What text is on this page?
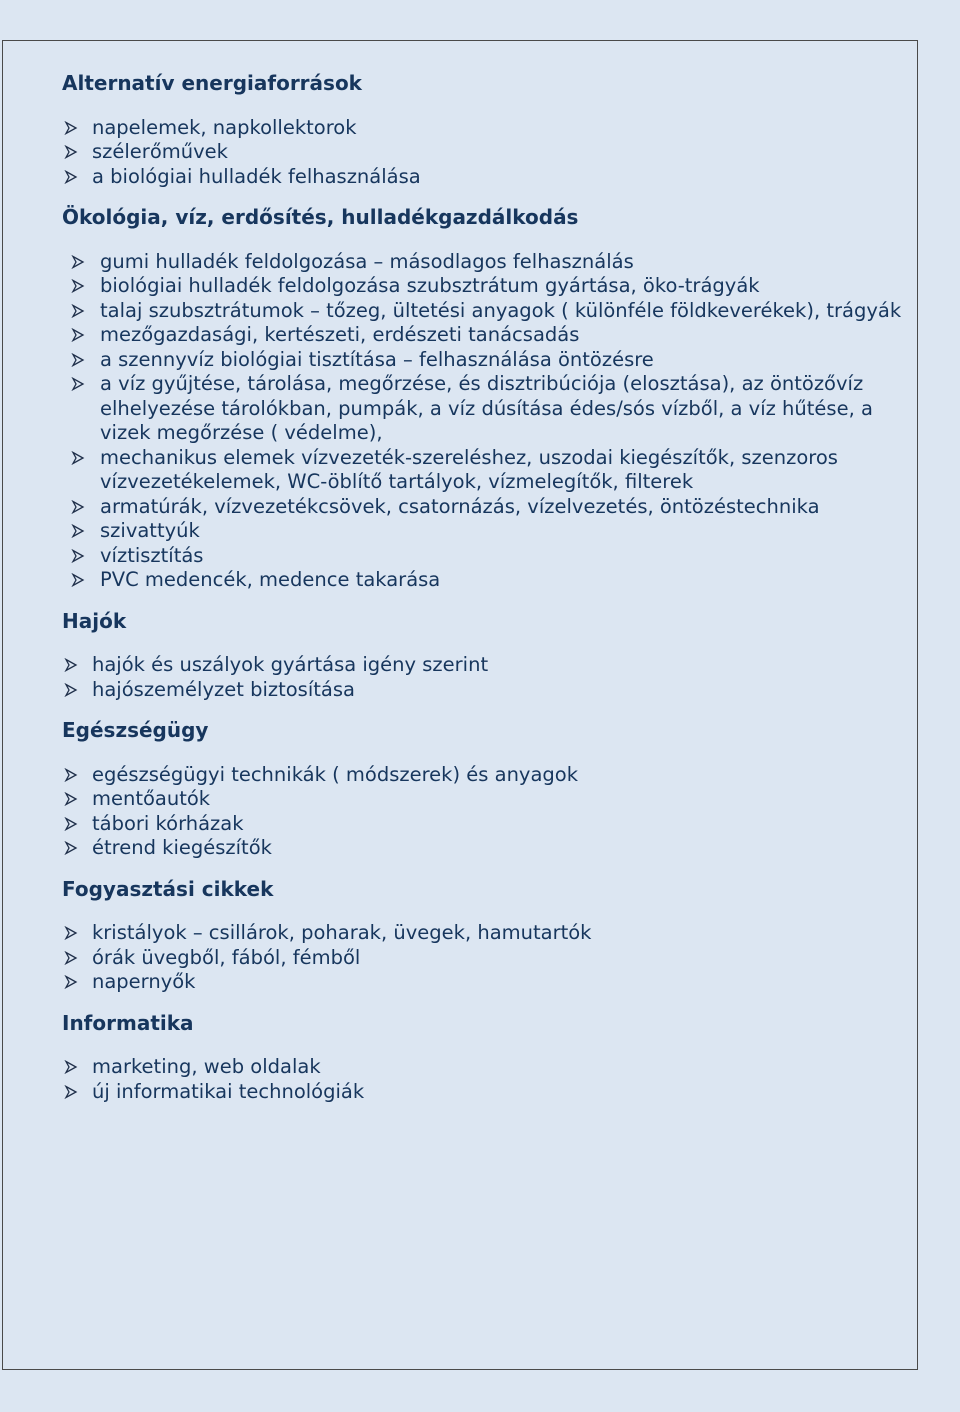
Alternatív energiaforrások
napelemek, napkollektorok
szélerőművek
a biológiai hulladék felhasználása
Ökológia, víz, erdősítés, hulladékgazdálkodás
gumi hulladék feldolgozása – másodlagos felhasználás
biológiai hulladék feldolgozása szubsztrátum gyártása, öko-trágyák
talaj szubsztrátumok – tőzeg, ültetési anyagok ( különféle földkeverékek), trágyák
mezőgazdasági, kertészeti, erdészeti tanácsadás
a szennyvíz biológiai tisztítása – felhasználása öntözésre
a víz gyűjtése, tárolása, megőrzése, és disztribúciója (elosztása), az öntözővíz elhelyezése tárolókban, pumpák, a víz dúsítása édes/sós vízből, a víz hűtése, a vizek megőrzése ( védelme),
mechanikus elemek vízvezeték-szereléshez, uszodai kiegészítők, szenzoros vízvezetékelemek, WC-öblítő tartályok, vízmelegítők, filterek
armatúrák, vízvezetékcsövek, csatornázás, vízelvezetés, öntözéstechnika
szivattyúk
víztisztítás
PVC medencék, medence takarása
Hajók
hajók és uszályok gyártása igény szerint
hajószemélyzet biztosítása
Egészségügy
egészségügyi technikák ( módszerek) és anyagok
mentőautók
tábori kórházak
étrend kiegészítők
Fogyasztási cikkek
kristályok – csillárok, poharak, üvegek, hamutartók
órák üvegből, fából, fémből
napernyők
Informatika
marketing, web oldalak
új informatikai technológiák
